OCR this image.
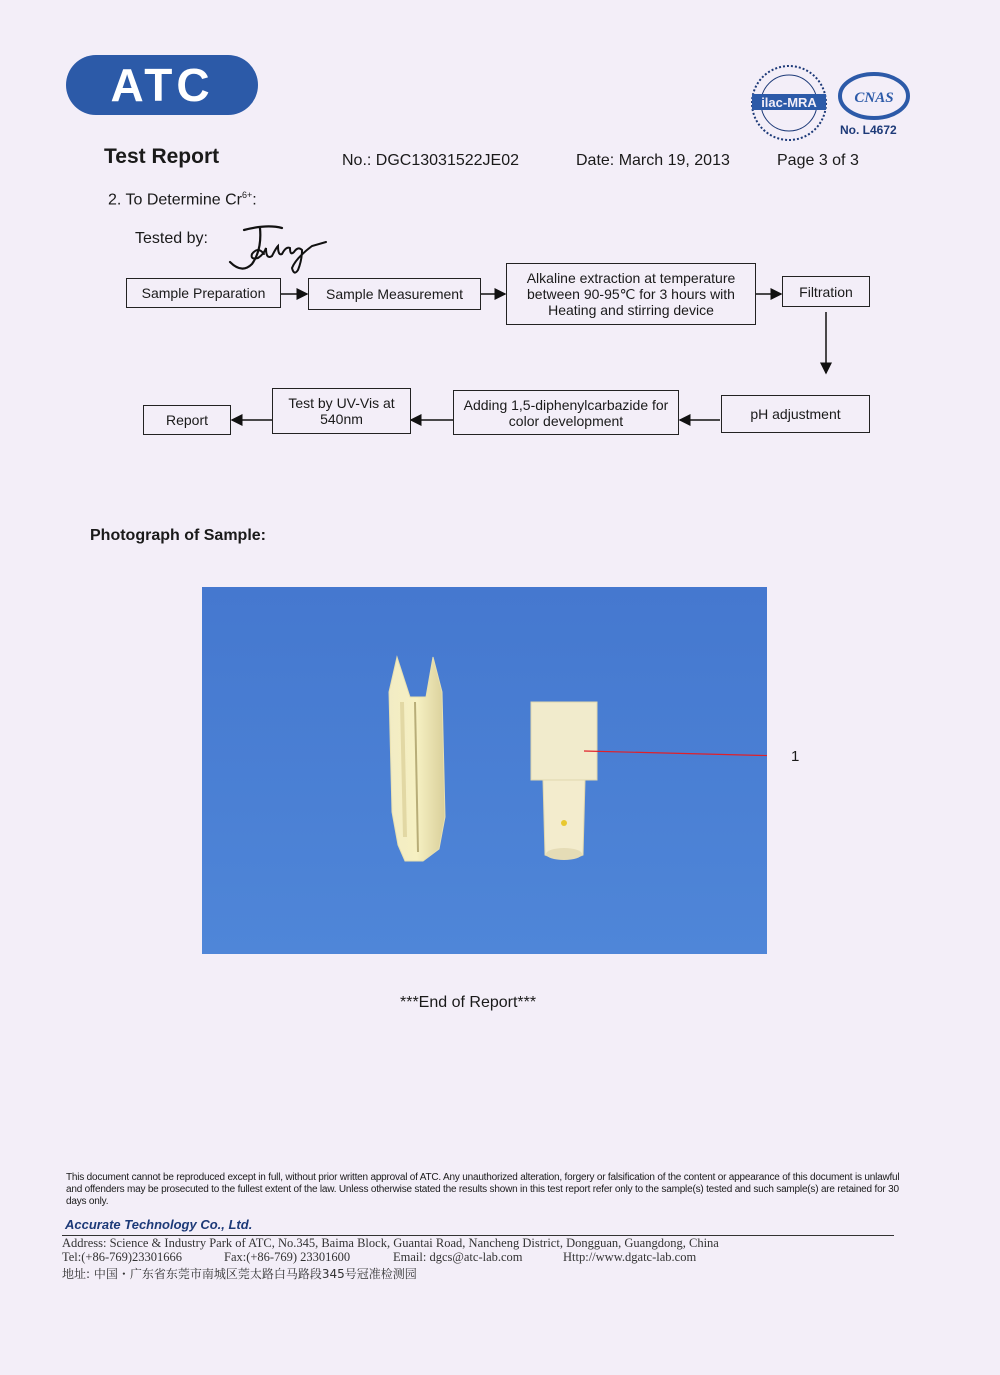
ATC	ilac-MRA	CNAS
No. L4672
Test Report	No.: DGC13031522JE02	Date: March 19, 2013	Page 3 of 3
2. To Determine $Cr^{6+}$:
Tested by:
Sample Preparation	Sample Measurement
Alkaline extraction at temperature between 90-95℃ for 3 hours with Heating and stirring device
Filtration
pH adjustment
Adding 1,5-diphenylcarbazide for color development
Test by UV-Vis at 540nm
Report
Photograph of Sample:
1
***End of Report***
This document cannot be reproduced except in full, without prior written approval of ATC. Any unauthorized alteration, forgery or falsification of the content or appearance of this document is unlawful and offenders may be prosecuted to the fullest extent of the law. Unless otherwise stated the results shown in this test report refer only to the sample(s) tested and such sample(s) are retained for 30 days only.
Accurate Technology Co., Ltd.
Address: Science & Industry Park of ATC, No.345, Baima Block, Guantai Road, Nancheng District, Dongguan, Guangdong, China
Tel:(+86-769)23301666	Fax:(+86-769) 23301600	Email: dgcs@atc-lab.com	Http://www.dgatc-lab.com
地址: 中国・广东省东莞市南城区莞太路白马路段345号冠准检测园
